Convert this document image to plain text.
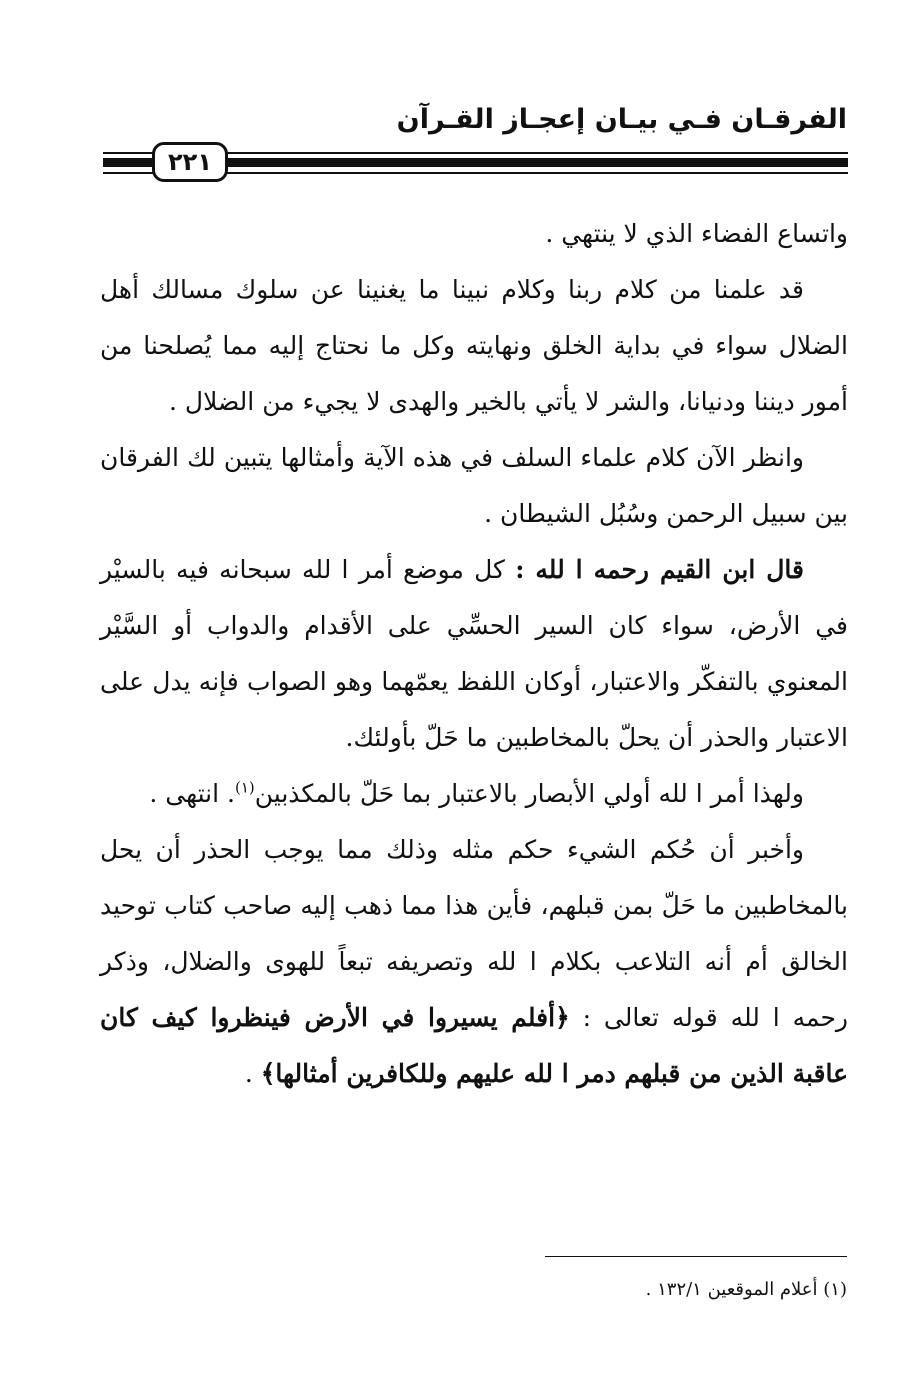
الفرقـان فـي بيـان إعجـاز القـرآن
٢٢١

واتساع الفضاء الذي لا ينتهي .

قد علمنا من كلام ربنا وكلام نبينا ما يغنينا عن سلوك مسالك أهل الضلال سواء في بداية الخلق ونهايته وكل ما نحتاج إليه مما يُصلحنا من أمور ديننا ودنيانا، والشر لا يأتي بالخير والهدى لا يجيء من الضلال .

وانظر الآن كلام علماء السلف في هذه الآية وأمثالها يتبين لك الفرقان بين سبيل الرحمن وسُبُل الشيطان .

قال ابن القيم رحمه ا لله : كل موضع أمر ا لله سبحانه فيه بالسيْر في الأرض، سواء كان السير الحسِّي على الأقدام والدواب أو السَّيْر المعنوي بالتفكّر والاعتبار، أوكان اللفظ يعمّهما وهو الصواب فإنه يدل على الاعتبار والحذر أن يحلّ بالمخاطبين ما حَلّ بأولئك.

ولهذا أمر ا لله أولي الأبصار بالاعتبار بما حَلّ بالمكذبين$^{(١)}$. انتهى .

وأخبر أن حُكم الشيء حكم مثله وذلك مما يوجب الحذر أن يحل بالمخاطبين ما حَلّ بمن قبلهم، فأين هذا مما ذهب إليه صاحب كتاب توحيد الخالق أم أنه التلاعب بكلام ا لله وتصريفه تبعاً للهوى والضلال، وذكر رحمه ا لله قوله تعالى : ﴿أفلم يسيروا في الأرض فينظروا كيف كان عاقبة الذين من قبلهم دمر ا لله عليهم وللكافرين أمثالها﴾ .

(١) أعلام الموقعين ١٣٢/١ .
